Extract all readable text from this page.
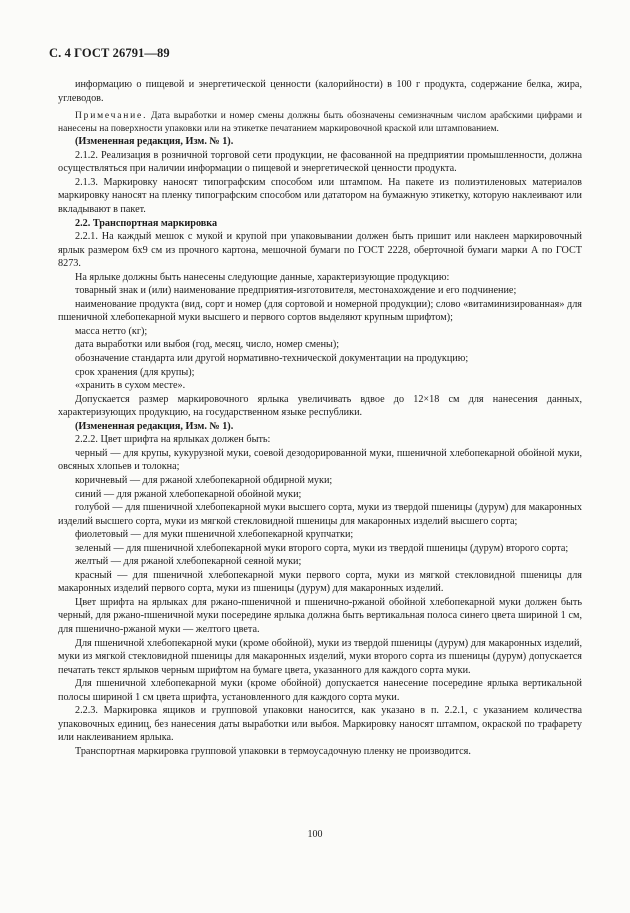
С. 4 ГОСТ 26791—89

информацию о пищевой и энергетической ценности (калорийности) в 100 г продукта, содержание белка, жира, углеводов.

Примечание. Дата выработки и номер смены должны быть обозначены семизначным числом арабскими цифрами и нанесены на поверхности упаковки или на этикетке печатанием маркировочной краской или штампованием.

(Измененная редакция, Изм. № 1).

2.1.2. Реализация в розничной торговой сети продукции, не фасованной на предприятии промышленности, должна осуществляться при наличии информации о пищевой и энергетической ценности продукта.

2.1.3. Маркировку наносят типографским способом или штампом. На пакете из полиэтиленовых материалов маркировку наносят на пленку типографским способом или дататором на бумажную этикетку, которую наклеивают или вкладывают в пакет.

2.2. Транспортная маркировка

2.2.1. На каждый мешок с мукой и крупой при упаковывании должен быть пришит или наклеен маркировочный ярлык размером 6x9 см из прочного картона, мешочной бумаги по ГОСТ 2228, оберточной бумаги марки А по ГОСТ 8273.

На ярлыке должны быть нанесены следующие данные, характеризующие продукцию:

товарный знак и (или) наименование предприятия-изготовителя, местонахождение и его подчинение;

наименование продукта (вид, сорт и номер (для сортовой и номерной продукции); слово «витаминизированная» для пшеничной хлебопекарной муки высшего и первого сортов выделяют крупным шрифтом);

масса нетто (кг);

дата выработки или выбоя (год, месяц, число, номер смены);

обозначение стандарта или другой нормативно-технической документации на продукцию;

срок хранения (для крупы);

«хранить в сухом месте».

Допускается размер маркировочного ярлыка увеличивать вдвое до 12×18 см для нанесения данных, характеризующих продукцию, на государственном языке республики.

(Измененная редакция, Изм. № 1).

2.2.2. Цвет шрифта на ярлыках должен быть:

черный — для крупы, кукурузной муки, соевой дезодорированной муки, пшеничной хлебопекарной обойной муки, овсяных хлопьев и толокна;

коричневый — для ржаной хлебопекарной обдирной муки;

синий — для ржаной хлебопекарной обойной муки;

голубой — для пшеничной хлебопекарной муки высшего сорта, муки из твердой пшеницы (дурум) для макаронных изделий высшего сорта, муки из мягкой стекловидной пшеницы для макаронных изделий высшего сорта;

фиолетовый — для муки пшеничной хлебопекарной крупчатки;

зеленый — для пшеничной хлебопекарной муки второго сорта, муки из твердой пшеницы (дурум) второго сорта;

желтый — для ржаной хлебопекарной сеяной муки;

красный — для пшеничной хлебопекарной муки первого сорта, муки из мягкой стекловидной пшеницы для макаронных изделий первого сорта, муки из пшеницы (дурум) для макаронных изделий.

Цвет шрифта на ярлыках для ржано-пшеничной и пшенично-ржаной обойной хлебопекарной муки должен быть черный, для ржано-пшеничной муки посередине ярлыка должна быть вертикальная полоса синего цвета шириной 1 см, для пшенично-ржаной муки — желтого цвета.

Для пшеничной хлебопекарной муки (кроме обойной), муки из твердой пшеницы (дурум) для макаронных изделий, муки из мягкой стекловидной пшеницы для макаронных изделий, муки второго сорта из пшеницы (дурум) допускается печатать текст ярлыков черным шрифтом на бумаге цвета, указанного для каждого сорта муки.

Для пшеничной хлебопекарной муки (кроме обойной) допускается нанесение посередине ярлыка вертикальной полосы шириной 1 см цвета шрифта, установленного для каждого сорта муки.

2.2.3. Маркировка ящиков и групповой упаковки наносится, как указано в п. 2.2.1, с указанием количества упаковочных единиц, без нанесения даты выработки или выбоя. Маркировку наносят штампом, окраской по трафарету или наклеиванием ярлыка.

Транспортная маркировка групповой упаковки в термоусадочную пленку не производится.

100
